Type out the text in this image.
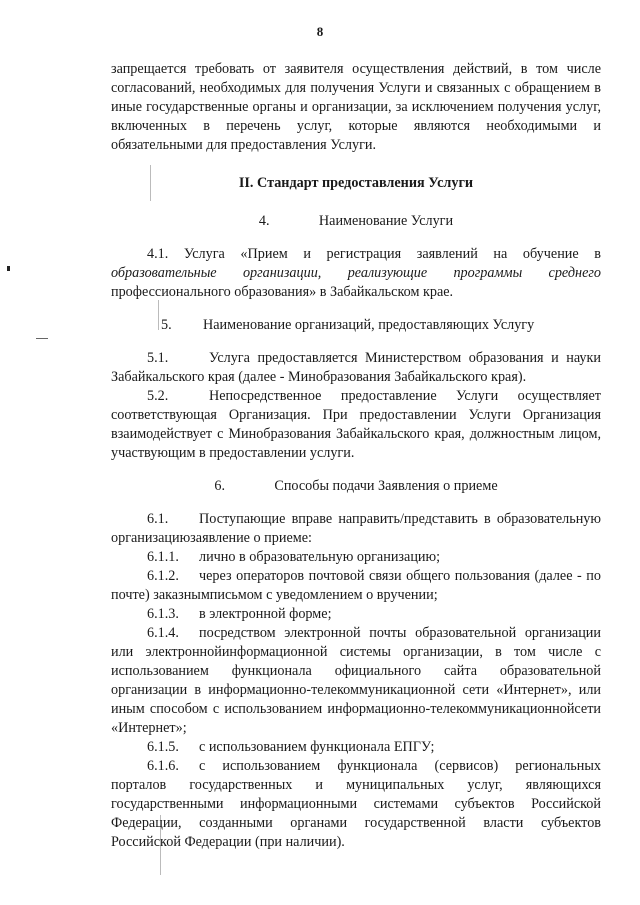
8

запрещается требовать от заявителя осуществления действий, в том числе согласований, необходимых для получения Услуги и связанных с обращением в иные государственные органы и организации, за исключением получения услуг, включенных в перечень услуг, которые являются необходимыми и обязательными для предоставления Услуги.

II. Стандарт предоставления Услуги

4.	Наименование Услуги

4.1. Услуга «Прием и регистрация заявлений на обучение в образовательные организации, реализующие программы среднего профессионального образования» в Забайкальском крае.

5. Наименование организаций, предоставляющих Услугу

5.1.	Услуга предоставляется Министерством образования и науки Забайкальского края (далее - Минобразования Забайкальского края).

5.2.	Непосредственное предоставление Услуги осуществляет соответствующая Организация. При предоставлении Услуги Организация взаимодействует с Минобразования Забайкальского края, должностным лицом, участвующим в предоставлении услуги.

6.	Способы подачи Заявления о приеме

6.1. Поступающие вправе направить/представить в образовательную организациюзаявление о приеме:

6.1.1. лично в образовательную организацию;

6.1.2. через операторов почтовой связи общего пользования (далее - по почте) заказнымписьмом с уведомлением о вручении;

6.1.3. в электронной форме;

6.1.4. посредством электронной почты образовательной организации или электроннойинформационной системы организации, в том числе с использованием функционала официального сайта образовательной организации в информационно-телекоммуникационной сети «Интернет», или иным способом с использованием информационно-телекоммуникационнойсети «Интернет»;

6.1.5. с использованием функционала ЕПГУ;

6.1.6. с использованием функционала (сервисов) региональных порталов государственных и муниципальных услуг, являющихся государственными информационными системами субъектов Российской Федерации, созданными органами государственной власти субъектов Российской Федерации (при наличии).
